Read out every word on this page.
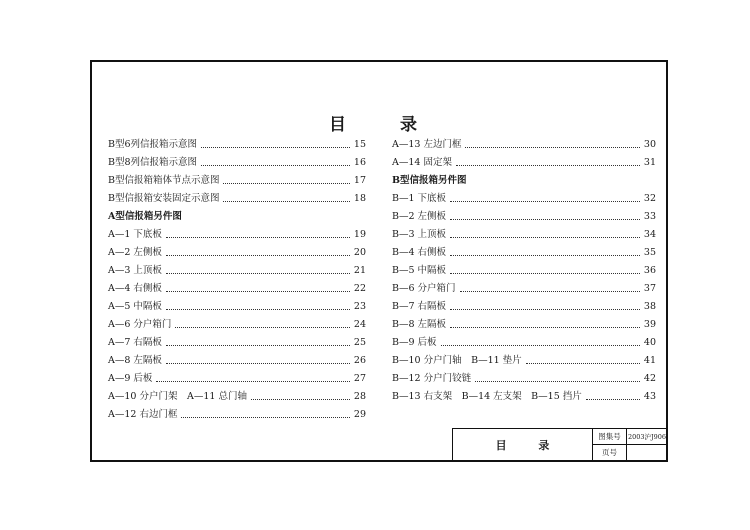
目 录
B型6列信报箱示意图	15
B型8列信报箱示意图	16
B型信报箱箱体节点示意图	17
B型信报箱安装固定示意图	18
A型信报箱另件图
A—1 下底板	19
A—2 左侧板	20
A—3 上顶板	21
A—4 右侧板	22
A—5 中隔板	23
A—6 分户箱门	24
A—7 右隔板	25
A—8 左隔板	26
A—9 后板	27
A—10 分户门架　A—11 总门轴	28
A—12 右边门框	29
A—13 左边门框	30
A—14 固定架	31
B型信报箱另件图
B—1 下底板	32
B—2 左侧板	33
B—3 上顶板	34
B—4 右侧板	35
B—5 中隔板	36
B—6 分户箱门	37
B—7 右隔板	38
B—8 左隔板	39
B—9 后板	40
B—10 分户门轴　B—11 垫片	41
B—12 分户门铰链	42
B—13 右支架　B—14 左支架　B—15 挡片	43
目 录
图集号	2003沪J906
页号
